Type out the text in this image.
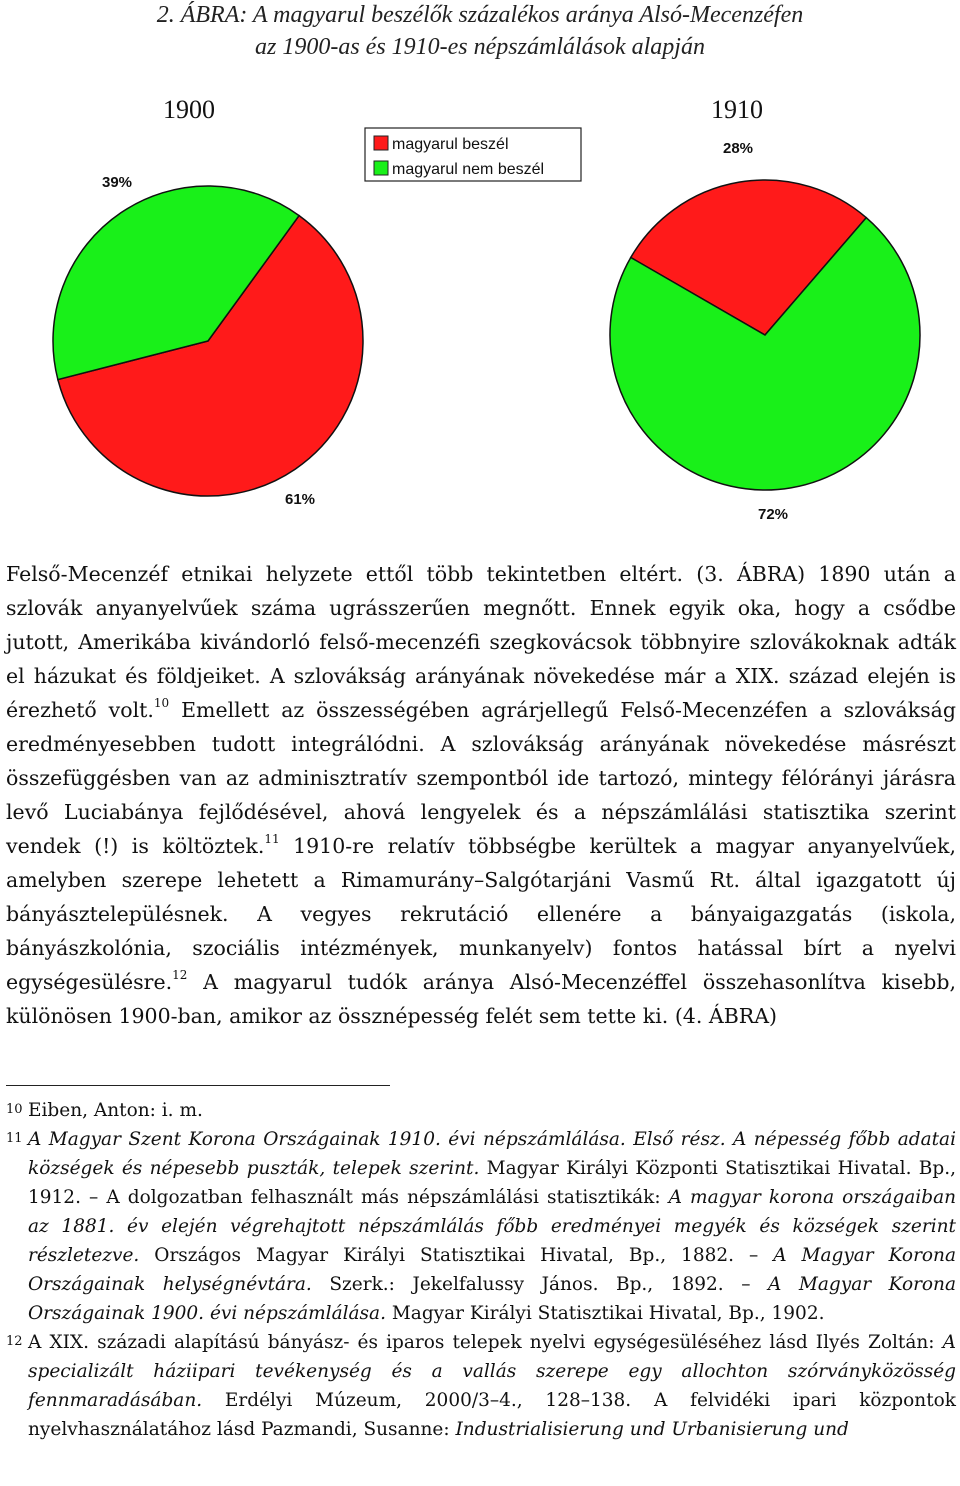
2. ÁBRA: A magyarul beszélők százalékos aránya Alsó-Mecenzéfen
az 1900-as és 1910-es népszámlálások alapján
1900	1910
39%
61%
28%
72%
magyarul beszél
magyarul nem beszél

Felső-Mecenzéf etnikai helyzete ettől több tekintetben eltért. (3. ÁBRA) 1890 után a szlovák anyanyelvűek száma ugrásszerűen megnőtt. Ennek egyik oka, hogy a csődbe jutott, Amerikába kivándorló felső-mecenzéfi szegkovácsok többnyire szlovákoknak adták el házukat és földjeiket. A szlovákság arányának növekedése már a XIX. század elején is érezhető volt.$^{10}$ Emellett az összességében agrárjellegű Felső-Mecenzéfen a szlovákság eredményesebben tudott integrálódni. A szlovákság arányának növekedése másrészt összefüggésben van az adminisztratív szempontból ide tartozó, mintegy félórányi járásra levő Luciabánya fejlődésével, ahová lengyelek és a népszámlálási statisztika szerint vendek (!) is költöztek.$^{11}$ 1910-re relatív többségbe kerültek a magyar anyanyelvűek, amelyben szerepe lehetett a Rimamurány–Salgótarjáni Vasmű Rt. által igazgatott új bányásztelepülésnek. A vegyes rekrutáció ellenére a bányaigazgatás (iskola, bányászkolónia, szociális intézmények, munkanyelv) fontos hatással bírt a nyelvi egységesülésre.$^{12}$ A magyarul tudók aránya Alsó-Mecenzéffel összehasonlítva kisebb, különösen 1900-ban, amikor az össznépesség felét sem tette ki. (4. ÁBRA)

10 Eiben, Anton: i. m.
11 A Magyar Szent Korona Országainak 1910. évi népszámlálása. Első rész. A népesség főbb adatai községek és népesebb puszták, telepek szerint. Magyar Királyi Központi Statisztikai Hivatal. Bp., 1912. – A dolgozatban felhasznált más népszámlálási statisztikák: A magyar korona országaiban az 1881. év elején végrehajtott népszámlálás főbb eredményei megyék és községek szerint részletezve. Országos Magyar Királyi Statisztikai Hivatal, Bp., 1882. – A Magyar Korona Országainak helységnévtára. Szerk.: Jekelfalussy János. Bp., 1892. – A Magyar Korona Országainak 1900. évi népszámlálása. Magyar Királyi Statisztikai Hivatal, Bp., 1902.
12 A XIX. századi alapítású bányász- és iparos telepek nyelvi egységesüléséhez lásd Ilyés Zoltán: A specializált háziipari tevékenység és a vallás szerepe egy allochton szórványközösség fennmaradásában. Erdélyi Múzeum, 2000/3–4., 128–138. A felvidéki ipari központok nyelvhasználatához lásd Pazmandi, Susanne: Industrialisierung und Urbanisierung und
